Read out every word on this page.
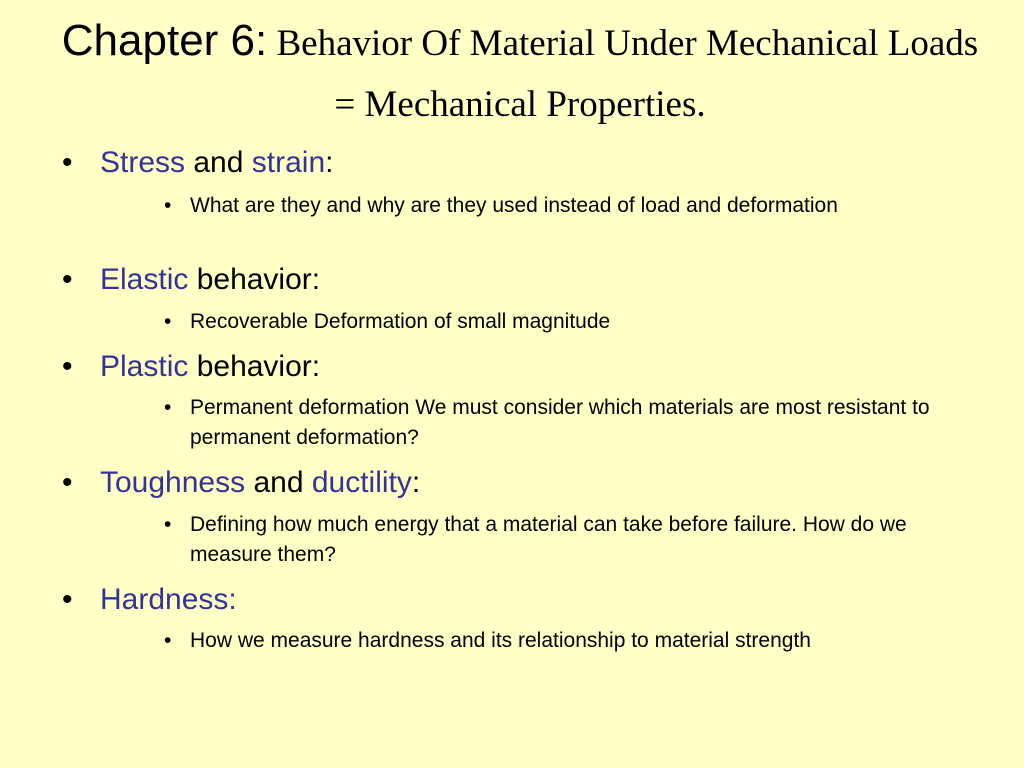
Chapter 6: Behavior Of Material Under Mechanical Loads = Mechanical Properties.
• Stress and strain:
• What are they and why are they used instead of load and deformation
• Elastic behavior:
• Recoverable Deformation of small magnitude
• Plastic behavior:
• Permanent deformation We must consider which materials are most resistant to permanent deformation?
• Toughness and ductility:
• Defining how much energy that a material can take before failure. How do we measure them?
• Hardness:
• How we measure hardness and its relationship to material strength
